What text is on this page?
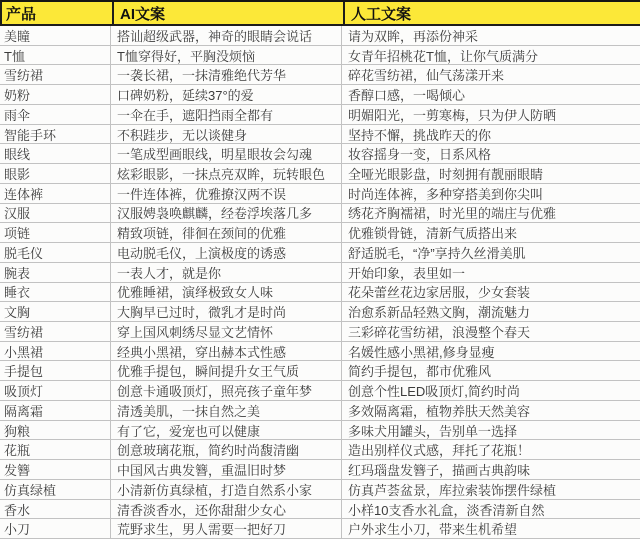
产品	AI文案	人工文案
美瞳	搭讪超级武器，神奇的眼睛会说话	请为双眸，再添份神采
T恤	T恤穿得好，平胸没烦恼	女青年招桃花T恤，让你气质满分
雪纺裙	一袭长裙，一抹清雅绝代芳华	碎花雪纺裙，仙气荡漾开来
奶粉	口碑奶粉，延续37°的爱	香醇口感，一喝倾心
雨伞	一伞在手，遮阳挡雨全都有	明媚阳光，一剪寒梅，只为伊人防晒
智能手环	不积跬步，无以谈健身	坚持不懈，挑战昨天的你
眼线	一笔成型画眼线，明星眼妆会勾魂	妆容摇身一变，日系风格
眼影	炫彩眼影，一抹点亮双眸，玩转眼色	全哑光眼影盘，时刻拥有靓丽眼睛
连体裤	一件连体裤，优雅撩汉两不误	时尚连体裤，多种穿搭美到你尖叫
汉服	汉服娉袅唤麒麟，经卷浮埃落几多	绣花齐胸襦裙，时光里的端庄与优雅
项链	精致项链，徘徊在颈间的优雅	优雅锁骨链，清新气质搭出来
脱毛仪	电动脱毛仪，上演极度的诱惑	舒适脱毛，“净”享持久丝滑美肌
腕表	一表人才，就是你	开始印象，表里如一
睡衣	优雅睡裙，演绎极致女人味	花朵蕾丝花边家居服，少女套装
文胸	大胸早已过时，微乳才是时尚	治愈系新品轻熟文胸，潮流魅力
雪纺裙	穿上国风刺绣尽显文艺情怀	三彩碎花雪纺裙，浪漫整个春天
小黑裙	经典小黑裙，穿出赫本式性感	名媛性感小黑裙,修身显瘦
手提包	优雅手提包，瞬间提升女王气质	简约手提包，都市优雅风
吸顶灯	创意卡通吸顶灯，照亮孩子童年梦	创意个性LED吸顶灯,简约时尚
隔离霜	清透美肌，一抹自然之美	多效隔离霜，植物养肤天然美容
狗粮	有了它，爱宠也可以健康	多味犬用罐头，告别单一选择
花瓶	创意玻璃花瓶，简约时尚馥清幽	造出别样仪式感，拜托了花瓶！
发簪	中国风古典发簪，重温旧时梦	红玛瑙盘发簪子，描画古典韵味
仿真绿植	小清新仿真绿植，打造自然系小家	仿真芦荟盆景，库拉索装饰摆件绿植
香水	清香淡香水，还你甜甜少女心	小样10支香水礼盒，淡香清新自然
小刀	荒野求生，男人需要一把好刀	户外求生小刀，带来生机希望
